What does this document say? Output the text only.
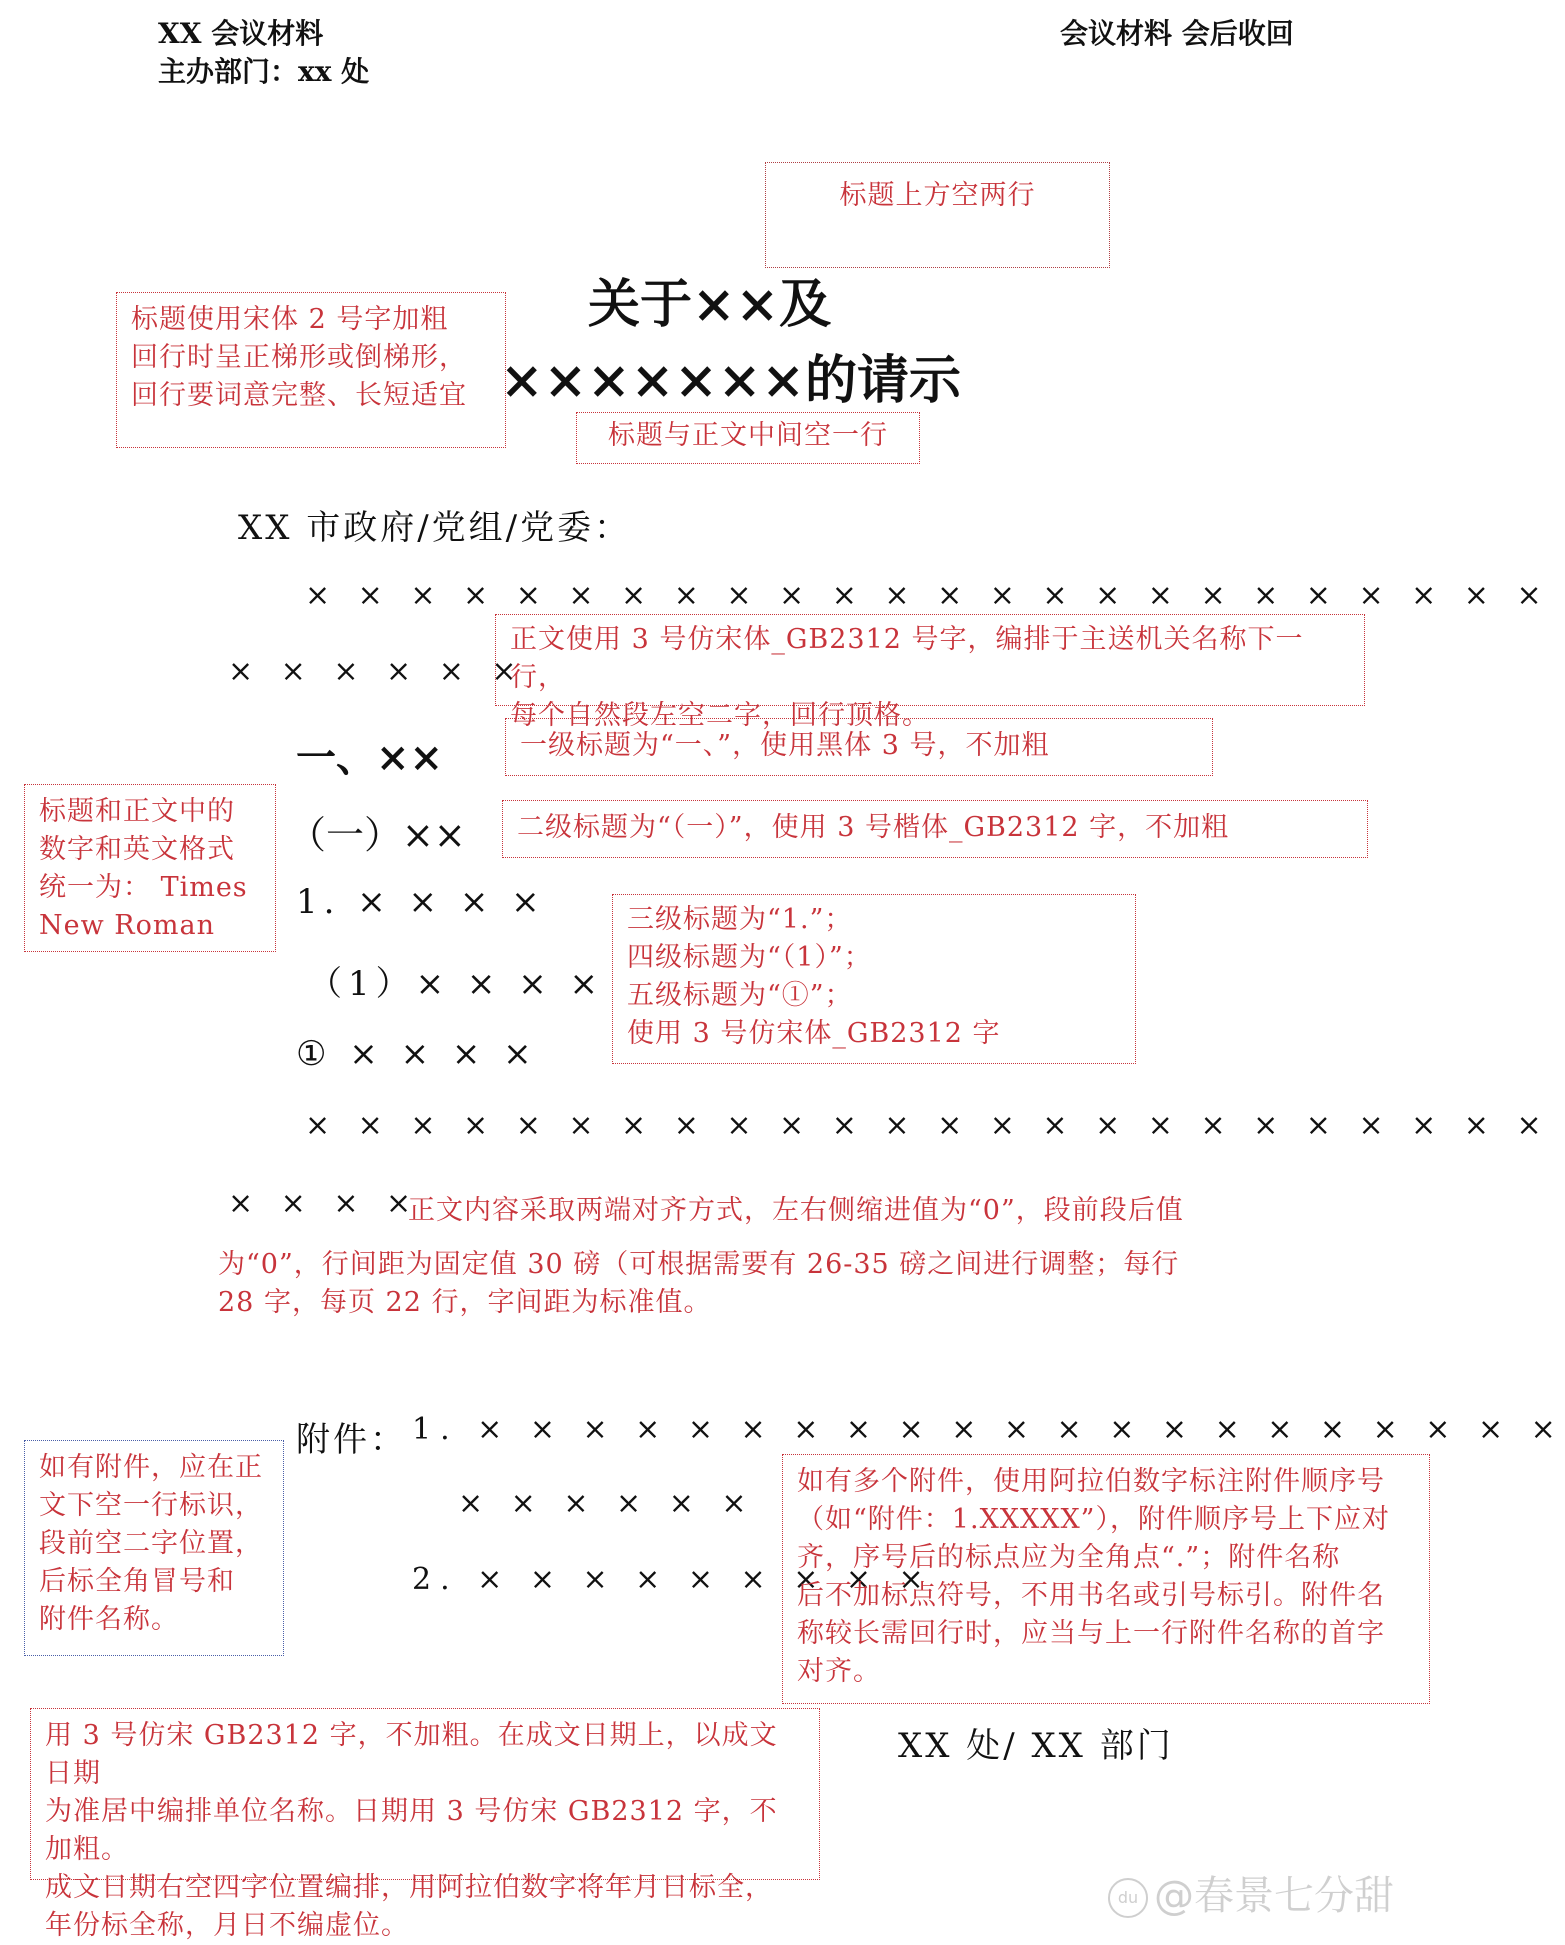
XX 会议材料
主办部门：xx 处
会议材料 会后收回
标题上方空两行
关于××及
×××××××的请示
标题使用宋体 2 号字加粗
回行时呈正梯形或倒梯形，
回行要词意完整、长短适宜
标题与正文中间空一行
XX 市政府/党组/党委：
× × × × × × × × × × × × × × × × × × × × × × × ×
× × × × × ×
正文使用 3 号仿宋体_GB2312 号字，编排于主送机关名称下一行，
每个自然段左空二字，回行顶格。
一、××	一级标题为“一、”，使用黑体 3 号，不加粗
标题和正文中的
数字和英文格式
统一为： Times
New Roman
（一）××	二级标题为“（一）”，使用 3 号楷体_GB2312 字，不加粗
1. × × × ×
（1）× × × ×
① × × × ×
三级标题为“1.”；
四级标题为“（1）”；
五级标题为“①”；
使用 3 号仿宋体_GB2312 字
× × × × × × × × × × × × × × × × × × × × × × × ×
× × × ×
正文内容采取两端对齐方式，左右侧缩进值为“0”，段前段后值
为“0”，行间距为固定值 30 磅（可根据需要有 26-35 磅之间进行调整；每行
28 字，每页 22 行，字间距为标准值。
附件： 1. × × × × × × × × × × × × × × × × × × × × ×
× × × × × ×
2. × × × × × × × × ×
如有附件，应在正
文下空一行标识，
段前空二字位置，
后标全角冒号和
附件名称。
如有多个附件，使用阿拉伯数字标注附件顺序号
（如“附件：1.XXXXX”），附件顺序号上下应对
齐，序号后的标点应为全角点“.”；附件名称
后不加标点符号，不用书名或引号标引。附件名
称较长需回行时，应当与上一行附件名称的首字
对齐。
XX 处/ XX 部门
用 3 号仿宋 GB2312 字，不加粗。在成文日期上，以成文日期
为准居中编排单位名称。日期用 3 号仿宋 GB2312 字，不加粗。
成文日期右空四字位置编排，用阿拉伯数字将年月日标全，
年份标全称，月日不编虚位。
du @春景七分甜
